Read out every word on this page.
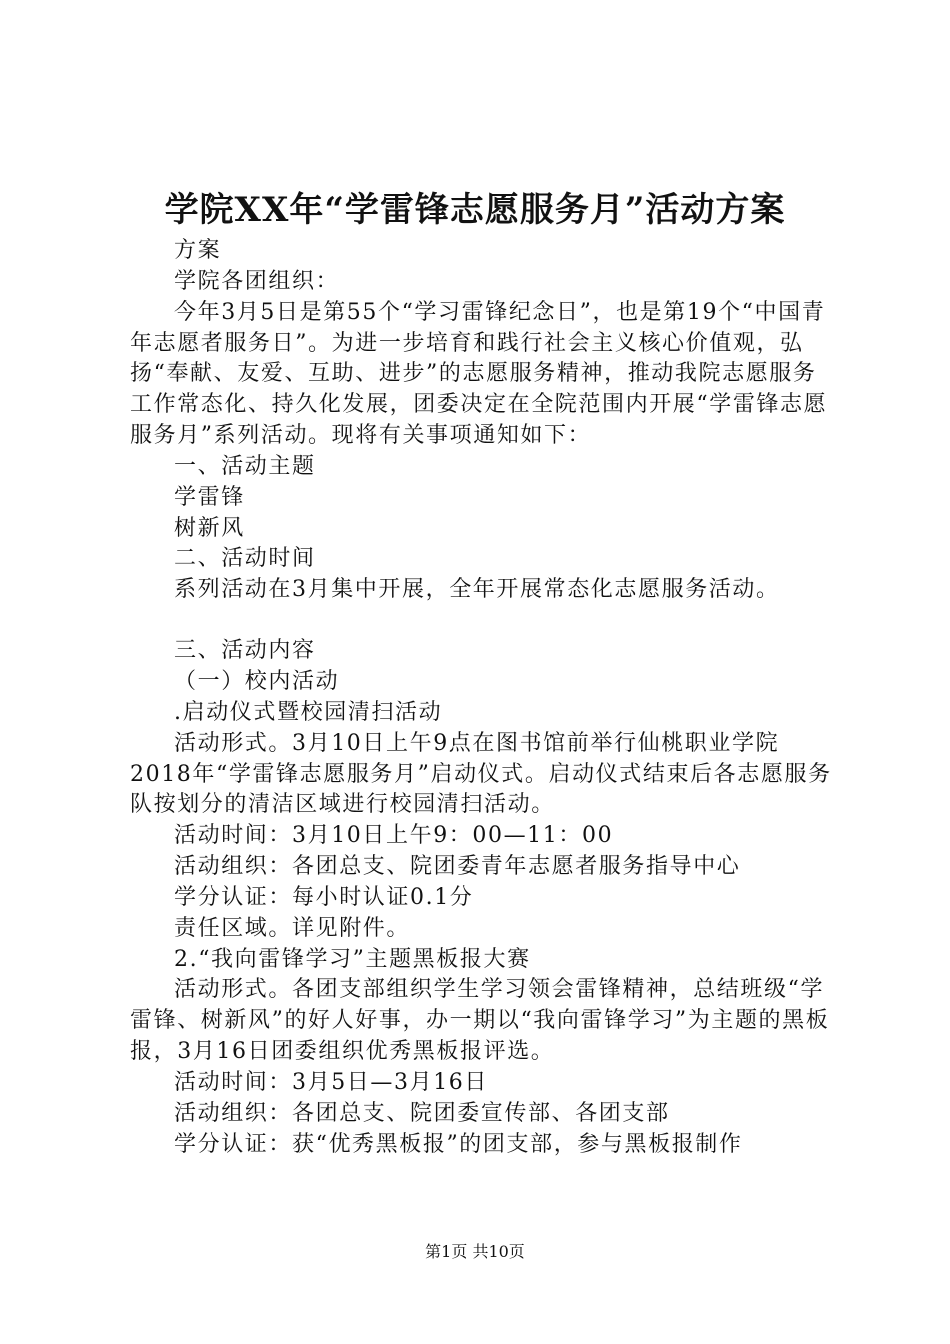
学院XX年“学雷锋志愿服务月”活动方案

方案

学院各团组织：

今年3月5日是第55个“学习雷锋纪念日”，也是第19个“中国青年志愿者服务日”。为进一步培育和践行社会主义核心价值观，弘扬“奉献、友爱、互助、进步”的志愿服务精神，推动我院志愿服务工作常态化、持久化发展，团委决定在全院范围内开展“学雷锋志愿服务月”系列活动。现将有关事项通知如下：

一、活动主题

学雷锋

树新风

二、活动时间

系列活动在3月集中开展，全年开展常态化志愿服务活动。

三、活动内容

（一）校内活动

.启动仪式暨校园清扫活动

活动形式。3月10日上午9点在图书馆前举行仙桃职业学院2018年“学雷锋志愿服务月”启动仪式。启动仪式结束后各志愿服务队按划分的清洁区域进行校园清扫活动。

活动时间：3月10日上午9：00—11：00

活动组织：各团总支、院团委青年志愿者服务指导中心

学分认证：每小时认证0.1分

责任区域。详见附件。

2.“我向雷锋学习”主题黑板报大赛

活动形式。各团支部组织学生学习领会雷锋精神，总结班级“学雷锋、树新风”的好人好事，办一期以“我向雷锋学习”为主题的黑板报，3月16日团委组织优秀黑板报评选。

活动时间：3月5日—3月16日

活动组织：各团总支、院团委宣传部、各团支部

学分认证：获“优秀黑板报”的团支部，参与黑板报制作

第1页 共10页
